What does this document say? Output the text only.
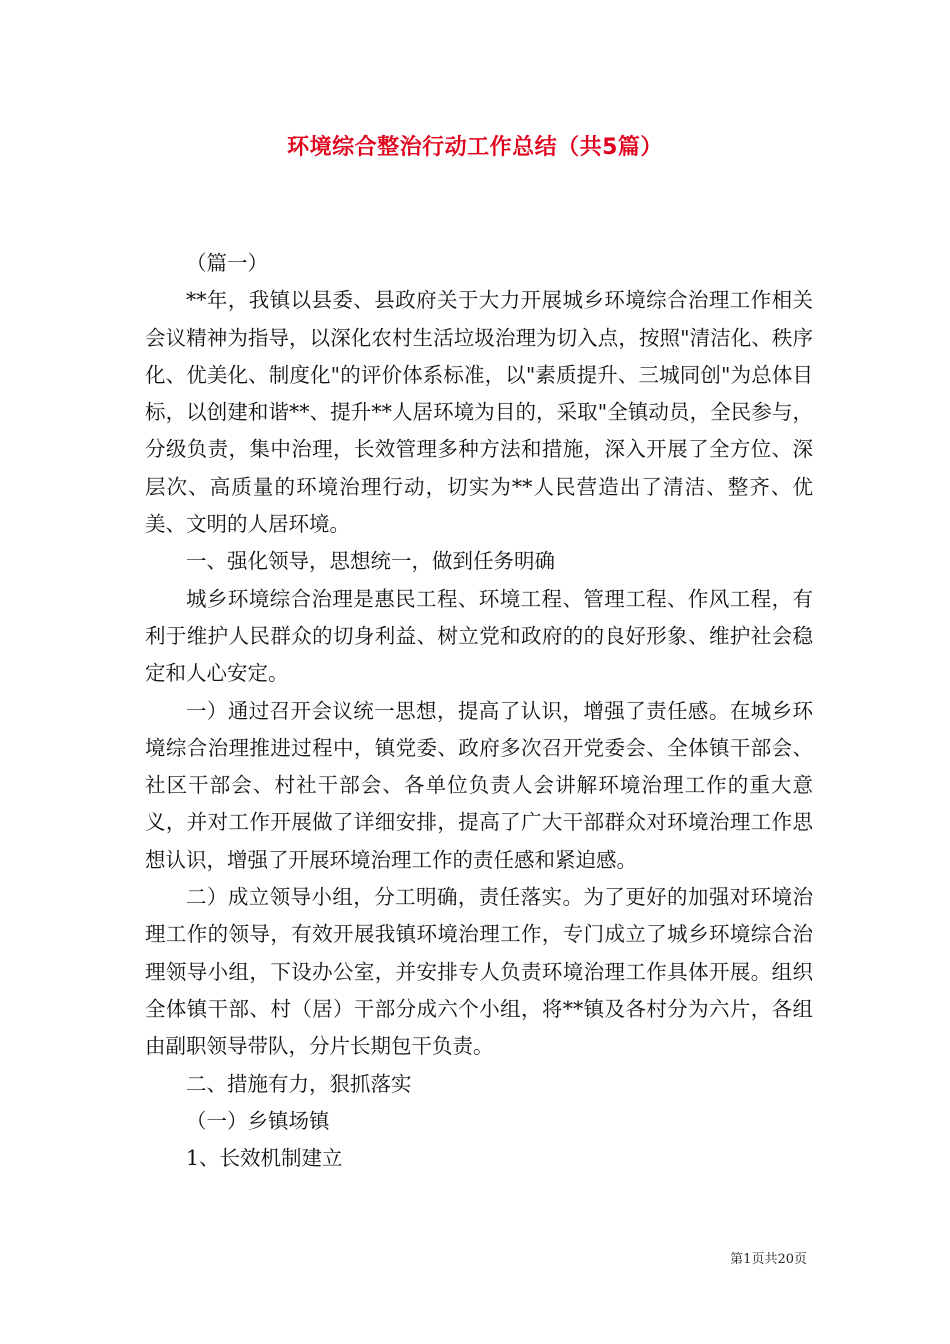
环境综合整治行动工作总结（共5篇）

（篇一）

**年，我镇以县委、县政府关于大力开展城乡环境综合治理工作相关会议精神为指导，以深化农村生活垃圾治理为切入点，按照"清洁化、秩序化、优美化、制度化"的评价体系标准，以"素质提升、三城同创"为总体目标，以创建和谐**、提升**人居环境为目的，采取"全镇动员，全民参与，分级负责，集中治理，长效管理多种方法和措施，深入开展了全方位、深层次、高质量的环境治理行动，切实为**人民营造出了清洁、整齐、优美、文明的人居环境。

一、强化领导，思想统一，做到任务明确

城乡环境综合治理是惠民工程、环境工程、管理工程、作风工程，有利于维护人民群众的切身利益、树立党和政府的的良好形象、维护社会稳定和人心安定。

一）通过召开会议统一思想，提高了认识，增强了责任感。在城乡环境综合治理推进过程中，镇党委、政府多次召开党委会、全体镇干部会、社区干部会、村社干部会、各单位负责人会讲解环境治理工作的重大意义，并对工作开展做了详细安排，提高了广大干部群众对环境治理工作思想认识，增强了开展环境治理工作的责任感和紧迫感。

二）成立领导小组，分工明确，责任落实。为了更好的加强对环境治理工作的领导，有效开展我镇环境治理工作，专门成立了城乡环境综合治理领导小组，下设办公室，并安排专人负责环境治理工作具体开展。组织全体镇干部、村（居）干部分成六个小组，将**镇及各村分为六片，各组由副职领导带队，分片长期包干负责。

二、措施有力，狠抓落实

（一）乡镇场镇

1、长效机制建立

第1页共20页
